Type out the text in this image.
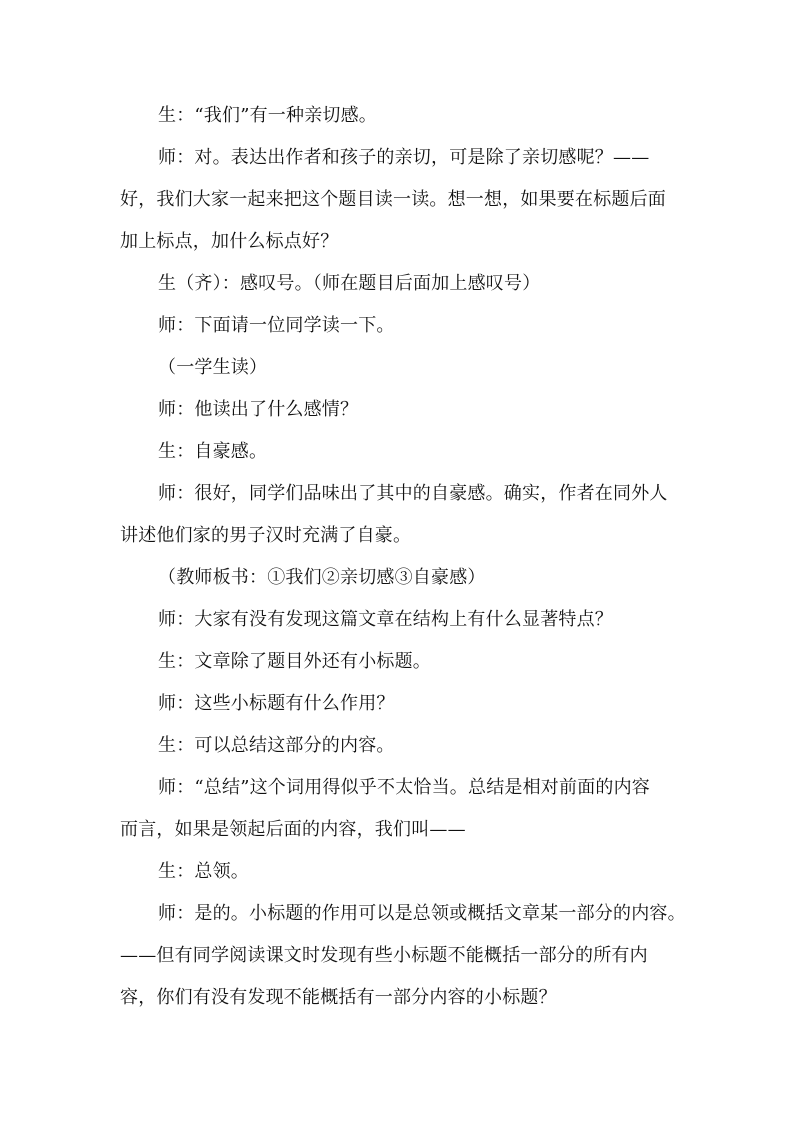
生：“我们”有一种亲切感。
师：对。表达出作者和孩子的亲切，可是除了亲切感呢？——
好，我们大家一起来把这个题目读一读。想一想，如果要在标题后面
加上标点，加什么标点好？
生（齐）：感叹号。（师在题目后面加上感叹号）
师：下面请一位同学读一下。
（一学生读）
师：他读出了什么感情？
生：自豪感。
师：很好，同学们品味出了其中的自豪感。确实，作者在同外人
讲述他们家的男子汉时充满了自豪。
（教师板书：①我们②亲切感③自豪感）
师：大家有没有发现这篇文章在结构上有什么显著特点？
生：文章除了题目外还有小标题。
师：这些小标题有什么作用？
生：可以总结这部分的内容。
师：“总结”这个词用得似乎不太恰当。总结是相对前面的内容
而言，如果是领起后面的内容，我们叫——
生：总领。
师：是的。小标题的作用可以是总领或概括文章某一部分的内容。
——但有同学阅读课文时发现有些小标题不能概括一部分的所有内
容，你们有没有发现不能概括有一部分内容的小标题？
